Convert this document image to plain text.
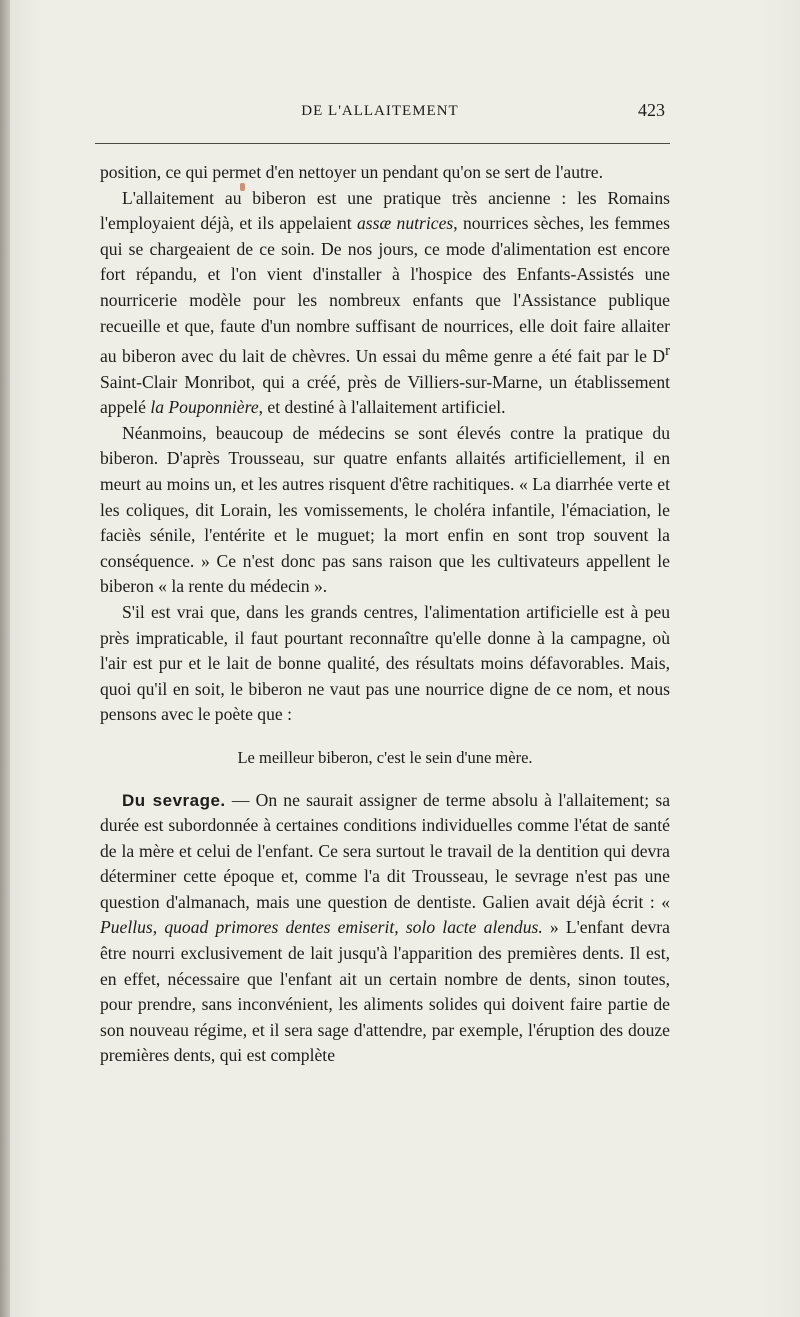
DE L'ALLAITEMENT	423

position, ce qui permet d'en nettoyer un pendant qu'on se sert de l'autre.

L'allaitement au biberon est une pratique très ancienne : les Romains l'employaient déjà, et ils appelaient assæ nutrices, nourrices sèches, les femmes qui se chargeaient de ce soin. De nos jours, ce mode d'alimentation est encore fort répandu, et l'on vient d'installer à l'hospice des Enfants-Assistés une nourricerie modèle pour les nombreux enfants que l'Assistance publique recueille et que, faute d'un nombre suffisant de nourrices, elle doit faire allaiter au biberon avec du lait de chèvres. Un essai du même genre a été fait par le $D^r$ Saint-Clair Monribot, qui a créé, près de Villiers-sur-Marne, un établissement appelé la Pouponnière, et destiné à l'allaitement artificiel.

Néanmoins, beaucoup de médecins se sont élevés contre la pratique du biberon. D'après Trousseau, sur quatre enfants allaités artificiellement, il en meurt au moins un, et les autres risquent d'être rachitiques. « La diarrhée verte et les coliques, dit Lorain, les vomissements, le choléra infantile, l'émaciation, le faciès sénile, l'entérite et le muguet; la mort enfin en sont trop souvent la conséquence. » Ce n'est donc pas sans raison que les cultivateurs appellent le biberon « la rente du médecin ».

S'il est vrai que, dans les grands centres, l'alimentation artificielle est à peu près impraticable, il faut pourtant reconnaître qu'elle donne à la campagne, où l'air est pur et le lait de bonne qualité, des résultats moins défavorables. Mais, quoi qu'il en soit, le biberon ne vaut pas une nourrice digne de ce nom, et nous pensons avec le poète que :

Le meilleur biberon, c'est le sein d'une mère.

Du sevrage. — On ne saurait assigner de terme absolu à l'allaitement; sa durée est subordonnée à certaines conditions individuelles comme l'état de santé de la mère et celui de l'enfant. Ce sera surtout le travail de la dentition qui devra déterminer cette époque et, comme l'a dit Trousseau, le sevrage n'est pas une question d'almanach, mais une question de dentiste. Galien avait déjà écrit : « Puellus, quoad primores dentes emiserit, solo lacte alendus. » L'enfant devra être nourri exclusivement de lait jusqu'à l'apparition des premières dents. Il est, en effet, nécessaire que l'enfant ait un certain nombre de dents, sinon toutes, pour prendre, sans inconvénient, les aliments solides qui doivent faire partie de son nouveau régime, et il sera sage d'attendre, par exemple, l'éruption des douze premières dents, qui est complète
